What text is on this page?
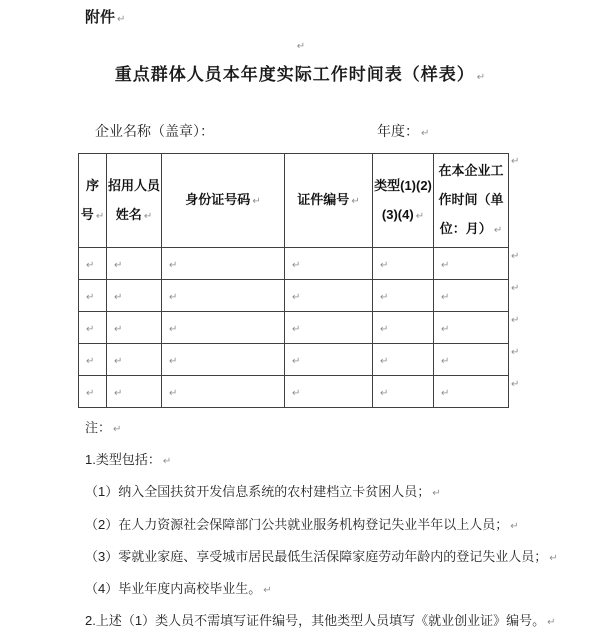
附件 ↵
↵
重点群体人员本年度实际工作时间表（样表） ↵
企业名称（盖章）：	年度： ↵
序号 ↵	招用人员姓名 ↵	身份证号码 ↵	证件编号 ↵	类型(1)(2)(3)(4) ↵	在本企业工作时间（单位：月） ↵
↵	↵	↵	↵	↵	↵
↵	↵	↵	↵	↵	↵
↵	↵	↵	↵	↵	↵
↵	↵	↵	↵	↵	↵
↵	↵	↵	↵	↵	↵
↵
↵
↵
↵
↵
↵
注： ↵
1.类型包括： ↵
（1）纳入全国扶贫开发信息系统的农村建档立卡贫困人员； ↵
（2）在人力资源社会保障部门公共就业服务机构登记失业半年以上人员； ↵
（3）零就业家庭、享受城市居民最低生活保障家庭劳动年龄内的登记失业人员； ↵
（4）毕业年度内高校毕业生。 ↵
2.上述（1）类人员不需填写证件编号，其他类型人员填写《就业创业证》编号。 ↵
